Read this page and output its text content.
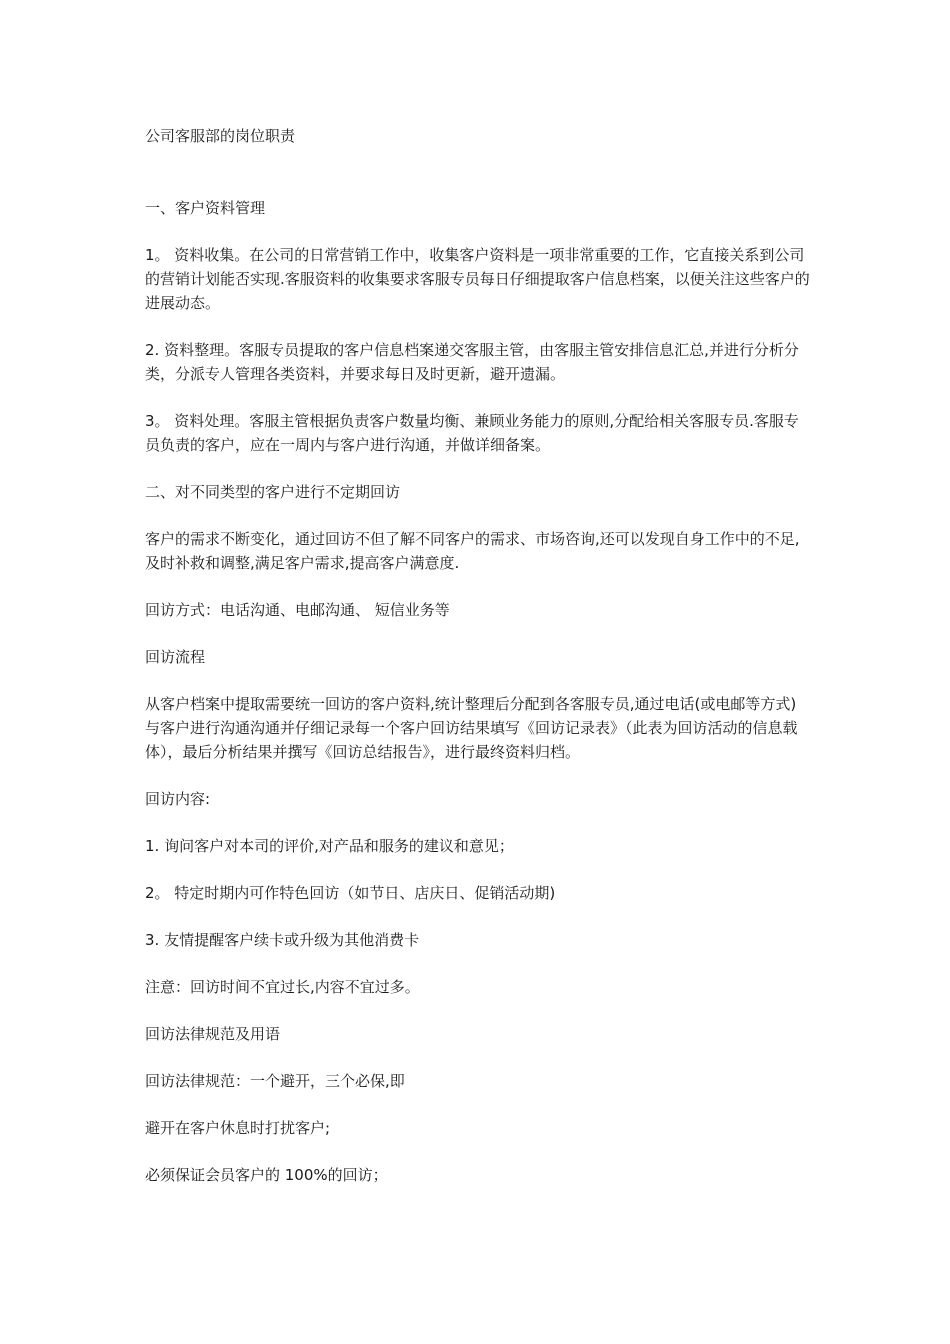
公司客服部的岗位职责

一、客户资料管理

1。 资料收集。在公司的日常营销工作中，收集客户资料是一项非常重要的工作，它直接关系到公司的营销计划能否实现.客服资料的收集要求客服专员每日仔细提取客户信息档案，以便关注这些客户的进展动态。

2. 资料整理。客服专员提取的客户信息档案递交客服主管，由客服主管安排信息汇总,并进行分析分类，分派专人管理各类资料，并要求每日及时更新，避开遗漏。

3。 资料处理。客服主管根据负责客户数量均衡、兼顾业务能力的原则,分配给相关客服专员.客服专员负责的客户，应在一周内与客户进行沟通，并做详细备案。

二、对不同类型的客户进行不定期回访

客户的需求不断变化，通过回访不但了解不同客户的需求、市场咨询,还可以发现自身工作中的不足,及时补救和调整,满足客户需求,提高客户满意度.

回访方式：电话沟通、电邮沟通、 短信业务等

回访流程

从客户档案中提取需要统一回访的客户资料,统计整理后分配到各客服专员,通过电话(或电邮等方式)与客户进行沟通沟通并仔细记录每一个客户回访结果填写《回访记录表》（此表为回访活动的信息载体），最后分析结果并撰写《回访总结报告》，进行最终资料归档。

回访内容:

1. 询问客户对本司的评价,对产品和服务的建议和意见；

2。 特定时期内可作特色回访（如节日、店庆日、促销活动期)

3. 友情提醒客户续卡或升级为其他消费卡

注意：回访时间不宜过长,内容不宜过多。

回访法律规范及用语

回访法律规范：一个避开，三个必保,即

避开在客户休息时打扰客户;

必须保证会员客户的 100%的回访；
